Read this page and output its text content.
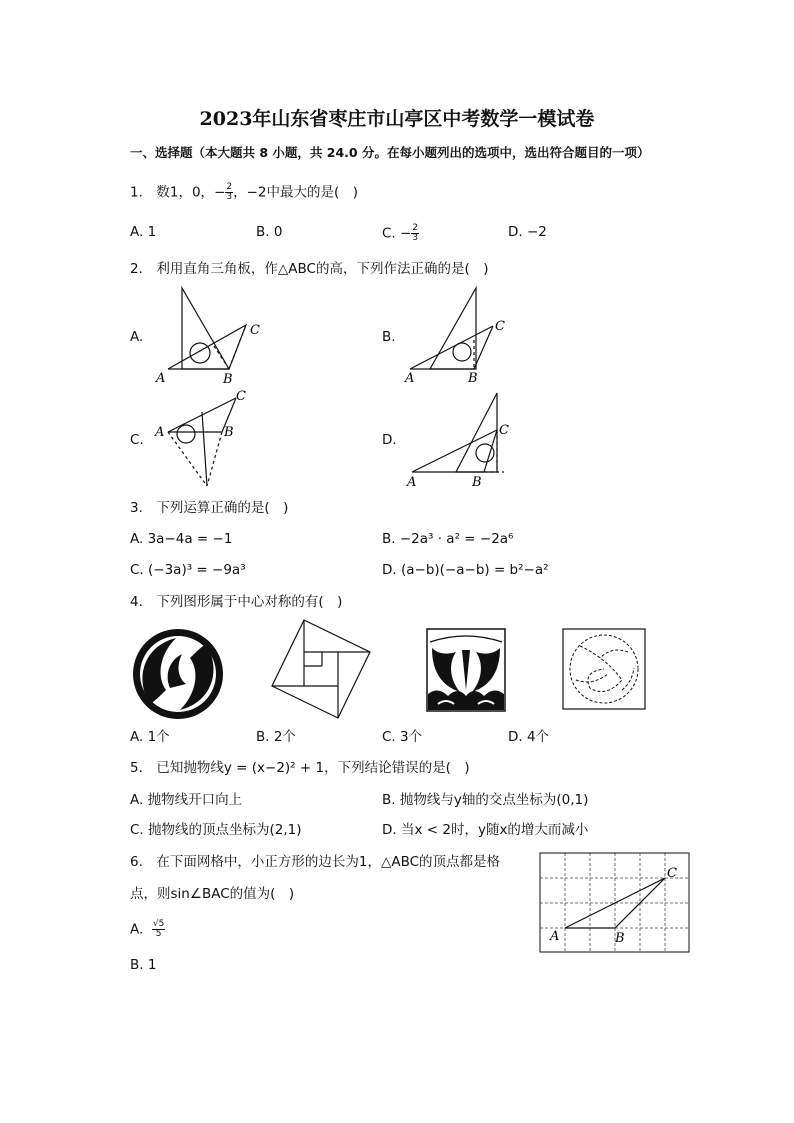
2023年山东省枣庄市山亭区中考数学一模试卷
一、选择题（本大题共 8 小题，共 24.0 分。在每小题列出的选项中，选出符合题目的一项）
1.　数1，0，− $\frac{2}{3}$ ，−2中最大的是(　)
A. 1	B. 0	C. − $\frac{2}{3}$	D. −2
2.　利用直角三角板，作△ABC的高，下列作法正确的是(　)
A.	B.
C.	D.
A	B
C
A	B
C
A	B
C
A	B
C
3.　下列运算正确的是(　)
A. 3a−4a = −1	B. −2a³ · a² = −2a⁶
C. (−3a)³ = −9a³	D. (a−b)(−a−b) = b²−a²
4.　下列图形属于中心对称的有(　)
A. 1个	B. 2个	C. 3个	D. 4个
5.　已知抛物线y = (x−2)² + 1，下列结论错误的是(　)
A. 抛物线开口向上	B. 抛物线与y轴的交点坐标为(0,1)
C. 抛物线的顶点坐标为(2,1)	D. 当x < 2时，y随x的增大而减小
6.　在下面网格中，小正方形的边长为1，△ABC的顶点都是格
点，则sin∠BAC的值为(　)
A. $\frac{√5}{5}$
B. 1
A	B
C
